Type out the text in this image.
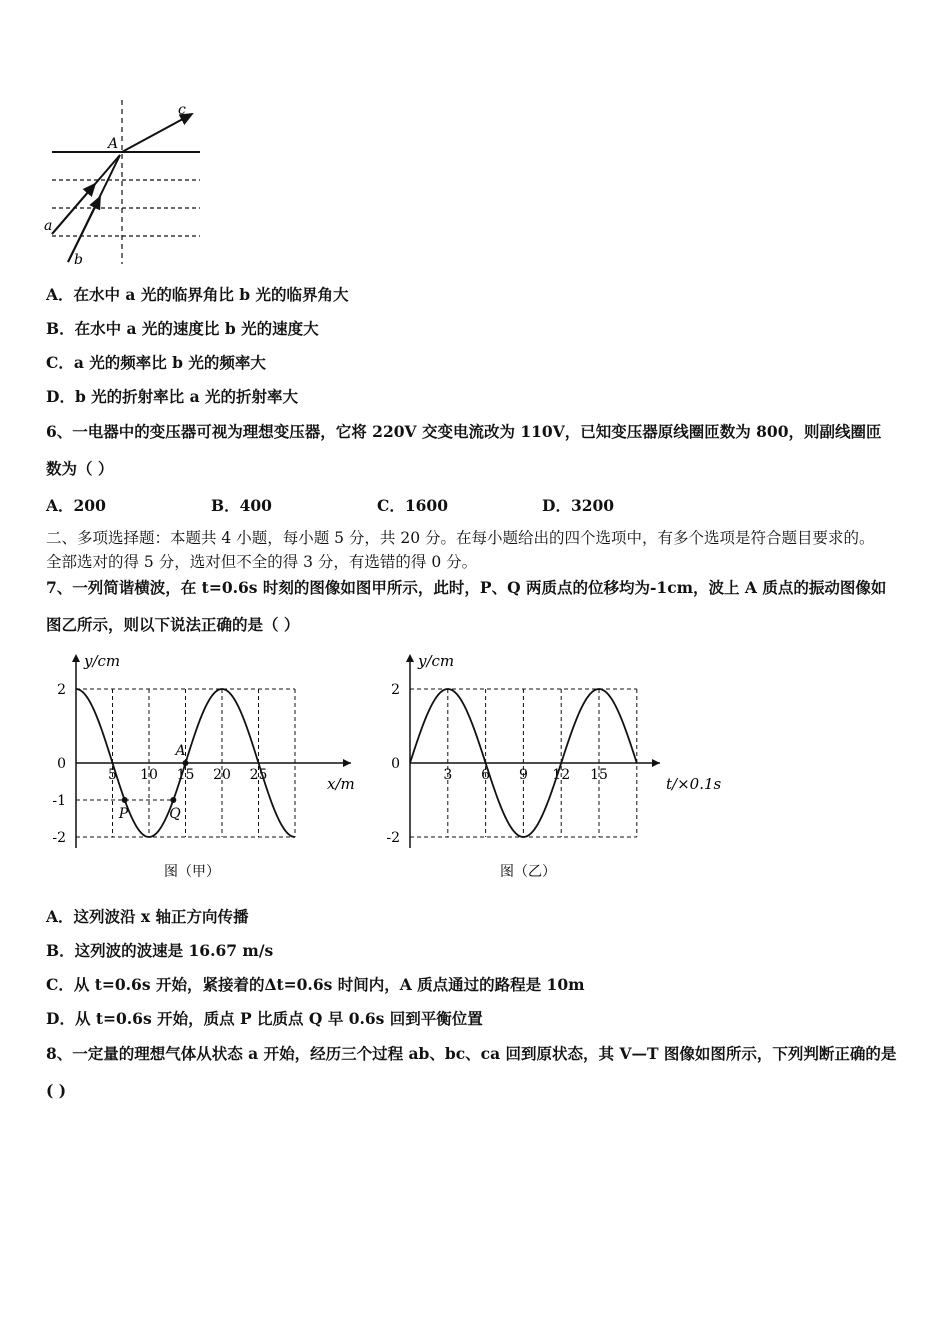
A
a
b
c
A．在水中 a 光的临界角比 b 光的临界角大
B．在水中 a 光的速度比 b 光的速度大
C．a 光的频率比 b 光的频率大
D．b 光的折射率比 a 光的折射率大
6、一电器中的变压器可视为理想变压器，它将 220V 交变电流改为 110V，已知变压器原线圈匝数为 800，则副线圈匝
数为（ ）
A．200	B．400	C．1600	D．3200
二、多项选择题：本题共 4 小题，每小题 5 分，共 20 分。在每小题给出的四个选项中，有多个选项是符合题目要求的。
全部选对的得 5 分，选对但不全的得 3 分，有选错的得 0 分。
7、一列简谐横波，在 t=0.6s 时刻的图像如图甲所示，此时，P、Q 两质点的位移均为-1cm，波上 A 质点的振动图像如
图乙所示，则以下说法正确的是（ ）
y/cm
x/m
2
0
-1
-2
5 10 15 20 25
P	Q
A
图（甲）
y/cm
t/×0.1s
2
0
-2
3 6 9 12 15
图（乙）
A．这列波沿 x 轴正方向传播
B．这列波的波速是 16.67 m/s
C．从 t=0.6s 开始，紧接着的Δt=0.6s 时间内，A 质点通过的路程是 10m
D．从 t=0.6s 开始，质点 P 比质点 Q 早 0.6s 回到平衡位置
8、一定量的理想气体从状态 a 开始，经历三个过程 ab、bc、ca 回到原状态，其 V—T 图像如图所示，下列判断正确的是
( )
